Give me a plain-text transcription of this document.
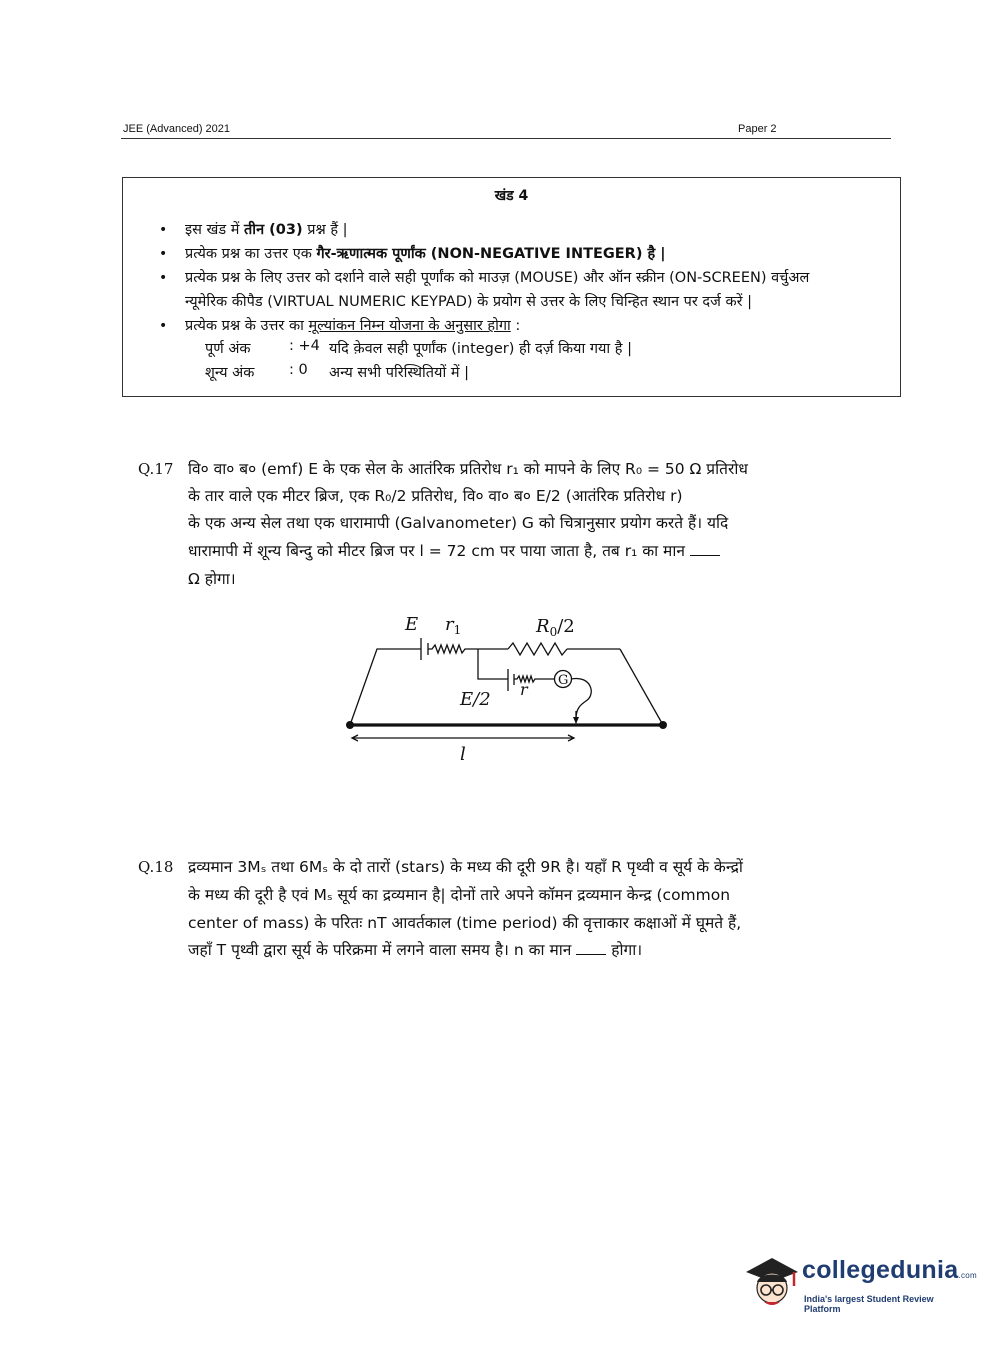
JEE (Advanced) 2021	Paper 2
खंड 4
• इस खंड में तीन (03) प्रश्न हैं |
• प्रत्येक प्रश्न का उत्तर एक गैर-ऋणात्मक पूर्णांक (NON-NEGATIVE INTEGER) है |
• प्रत्येक प्रश्न के लिए उत्तर को दर्शाने वाले सही पूर्णांक को माउज़ (MOUSE) और ऑन स्क्रीन (ON-SCREEN) वर्चुअल
न्यूमेरिक कीपैड (VIRTUAL NUMERIC KEYPAD) के प्रयोग से उत्तर के लिए चिन्हित स्थान पर दर्ज करें |
• प्रत्येक प्रश्न के उत्तर का मूल्यांकन निम्न योजना के अनुसार होगा :
पूर्ण अंक	: +4 यदि क़ेवल सही पूर्णांक (integer) ही दर्ज़ किया गया है |
शून्य अंक : 0 अन्य सभी परिस्थितियों में |
Q.17 वि० वा० ब० (emf) E के एक सेल के आतंरिक प्रतिरोध r₁ को मापने के लिए R₀ = 50 Ω प्रतिरोध
के तार वाले एक मीटर ब्रिज, एक R₀/2 प्रतिरोध, वि० वा० ब० E/2 (आतंरिक प्रतिरोध r)
के एक अन्य सेल तथा एक धारामापी (Galvanometer) G को चित्रानुसार प्रयोग करते हैं। यदि
धारामापी में शून्य बिन्दु को मीटर ब्रिज पर l = 72 cm पर पाया जाता है, तब r₁ का मान
Ω होगा।
E $r_1$	$R_0/2$
E/2 r
l
G
Q.18 द्रव्यमान 3Mₛ तथा 6Mₛ के दो तारों (stars) के मध्य की दूरी 9R है। यहाँ R पृथ्वी व सूर्य के केन्द्रों
के मध्य की दूरी है एवं Mₛ सूर्य का द्रव्यमान है| दोनों तारे अपने कॉमन द्रव्यमान केन्द्र (common
center of mass) के परितः nT आवर्तकाल (time period) की वृत्ताकार कक्षाओं में घूमते हैं,
जहाँ T पृथ्वी द्वारा सूर्य के परिक्रमा में लगने वाला समय है। n का मान	होगा।
collegedunia.com
India's largest Student Review Platform
